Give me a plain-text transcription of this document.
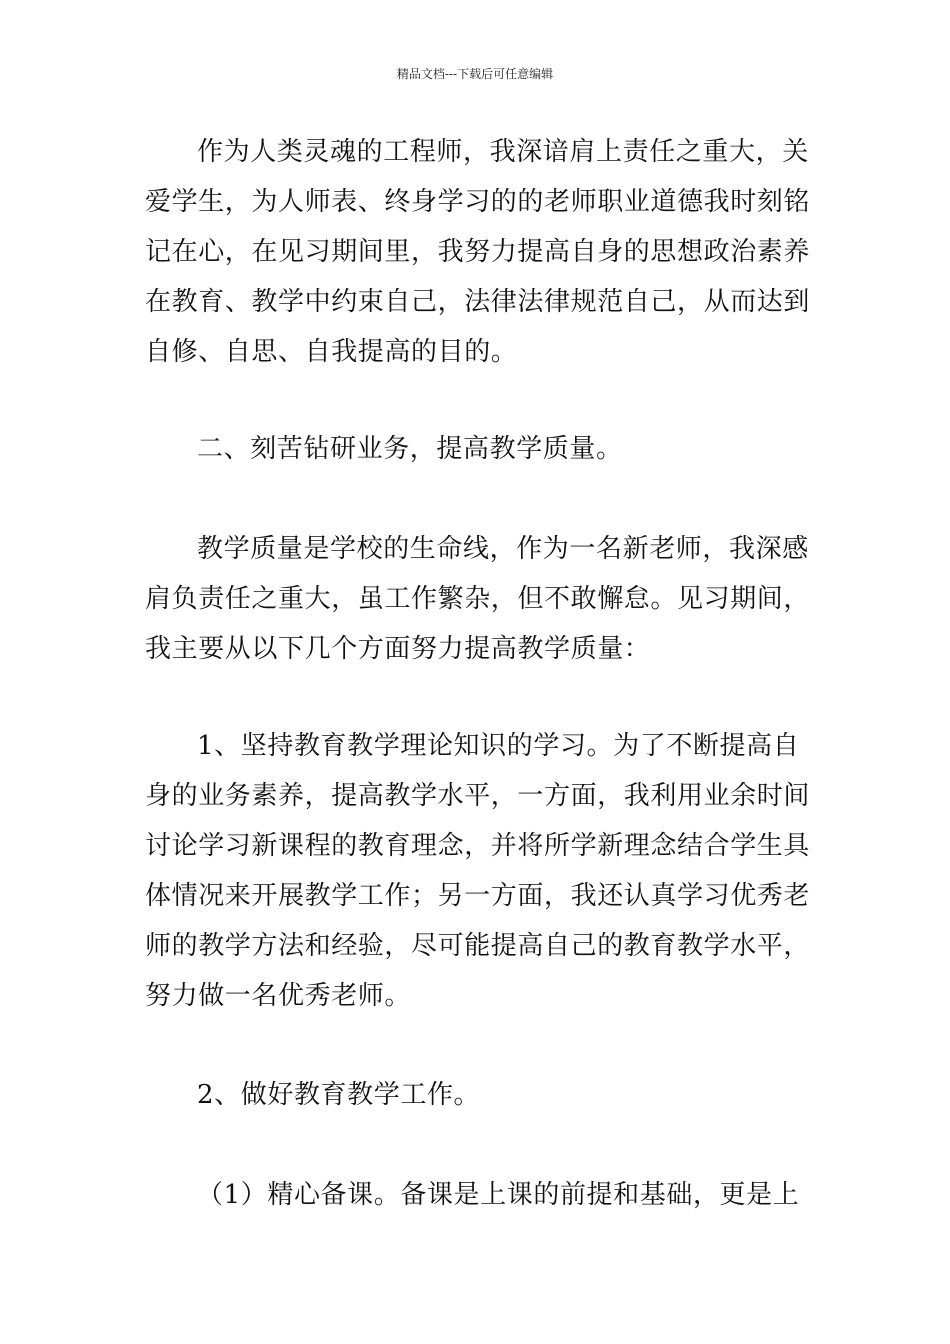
精品文档---下载后可任意编辑

作为人类灵魂的工程师，我深谙肩上责任之重大，关爱学生，为人师表、终身学习的的老师职业道德我时刻铭记在心，在见习期间里，我努力提高自身的思想政治素养在教育、教学中约束自己，法律法律规范自己，从而达到自修、自思、自我提高的目的。

二、刻苦钻研业务，提高教学质量。

教学质量是学校的生命线，作为一名新老师，我深感肩负责任之重大，虽工作繁杂，但不敢懈怠。见习期间，我主要从以下几个方面努力提高教学质量：

1、坚持教育教学理论知识的学习。为了不断提高自身的业务素养，提高教学水平，一方面，我利用业余时间讨论学习新课程的教育理念，并将所学新理念结合学生具体情况来开展教学工作；另一方面，我还认真学习优秀老师的教学方法和经验，尽可能提高自己的教育教学水平，努力做一名优秀老师。

2、做好教育教学工作。

（1）精心备课。备课是上课的前提和基础，更是上
